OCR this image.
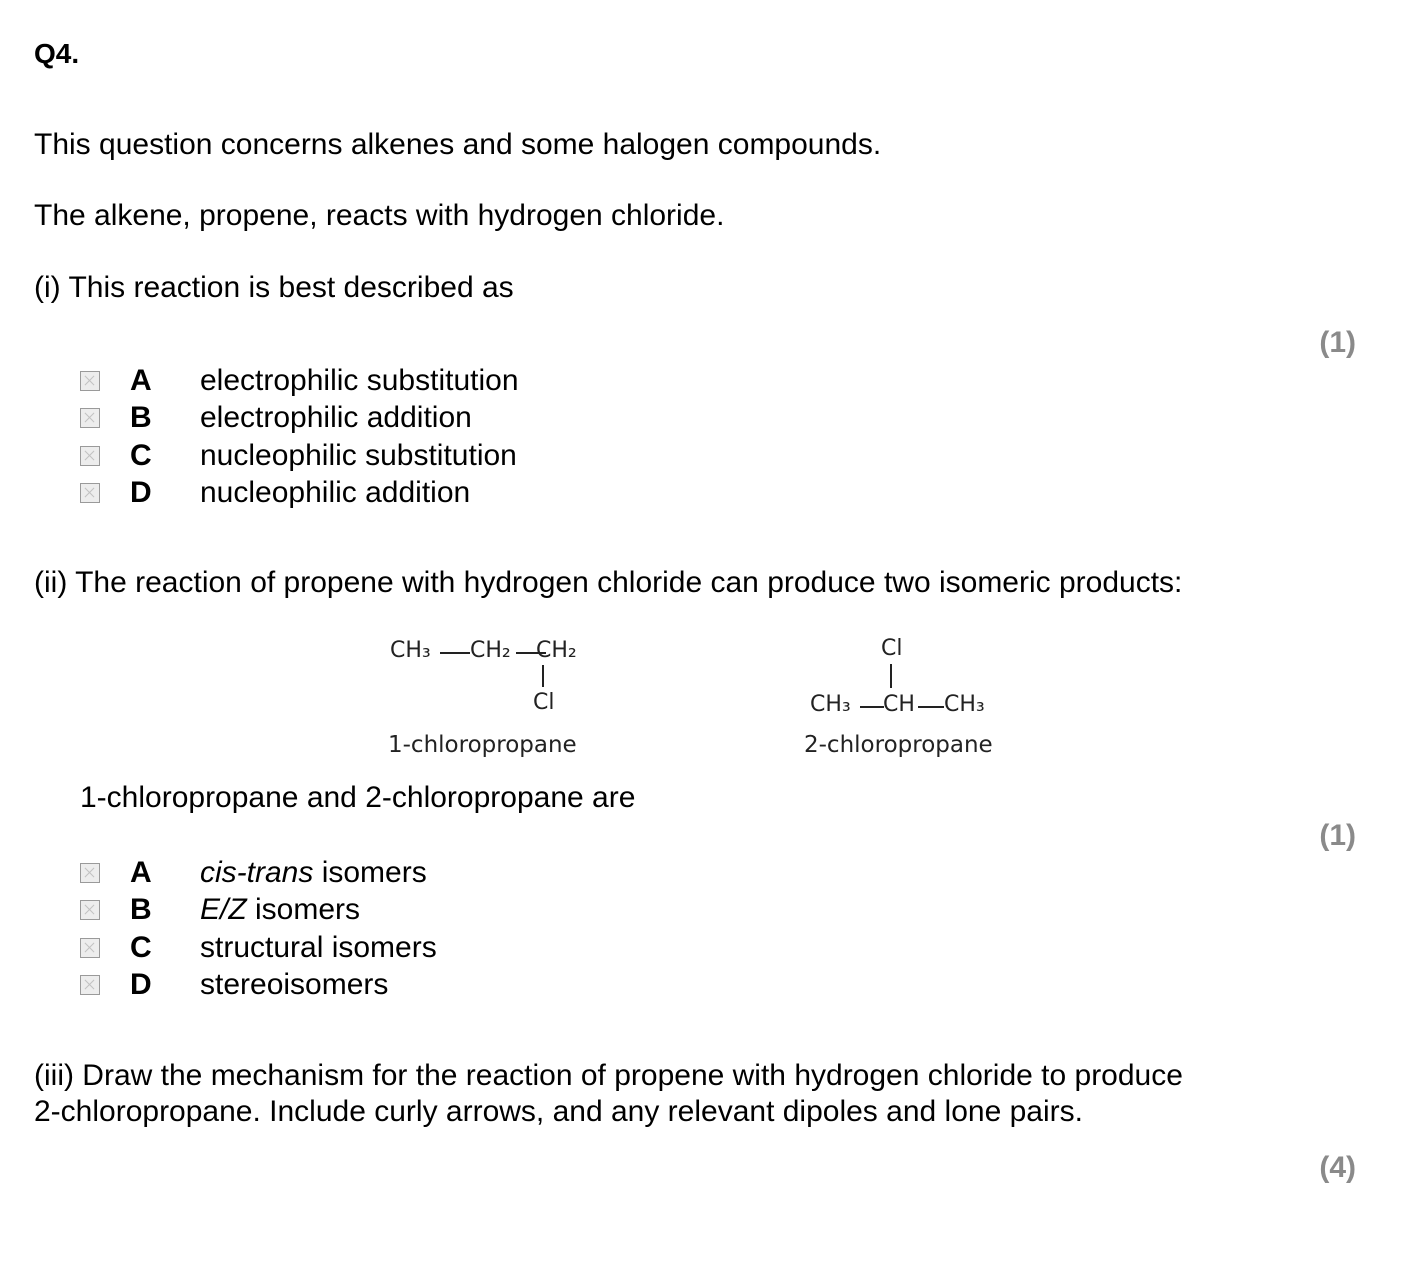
Q4.
This question concerns alkenes and some halogen compounds.
The alkene, propene, reacts with hydrogen chloride.
(i) This reaction is best described as
(1)
A	electrophilic substitution
B	electrophilic addition
C	nucleophilic substitution
D	nucleophilic addition
(ii) The reaction of propene with hydrogen chloride can produce two isomeric products:
CH₃ CH₂ CH₂
Cl
1-chloropropane
Cl
CH₃ CH CH₃
2-chloropropane
1-chloropropane and 2-chloropropane are
(1)
A	cis-trans isomers
B	E/Z isomers
C	structural isomers
D	stereoisomers
(iii) Draw the mechanism for the reaction of propene with hydrogen chloride to produce
2-chloropropane. Include curly arrows, and any relevant dipoles and lone pairs.
(4)
